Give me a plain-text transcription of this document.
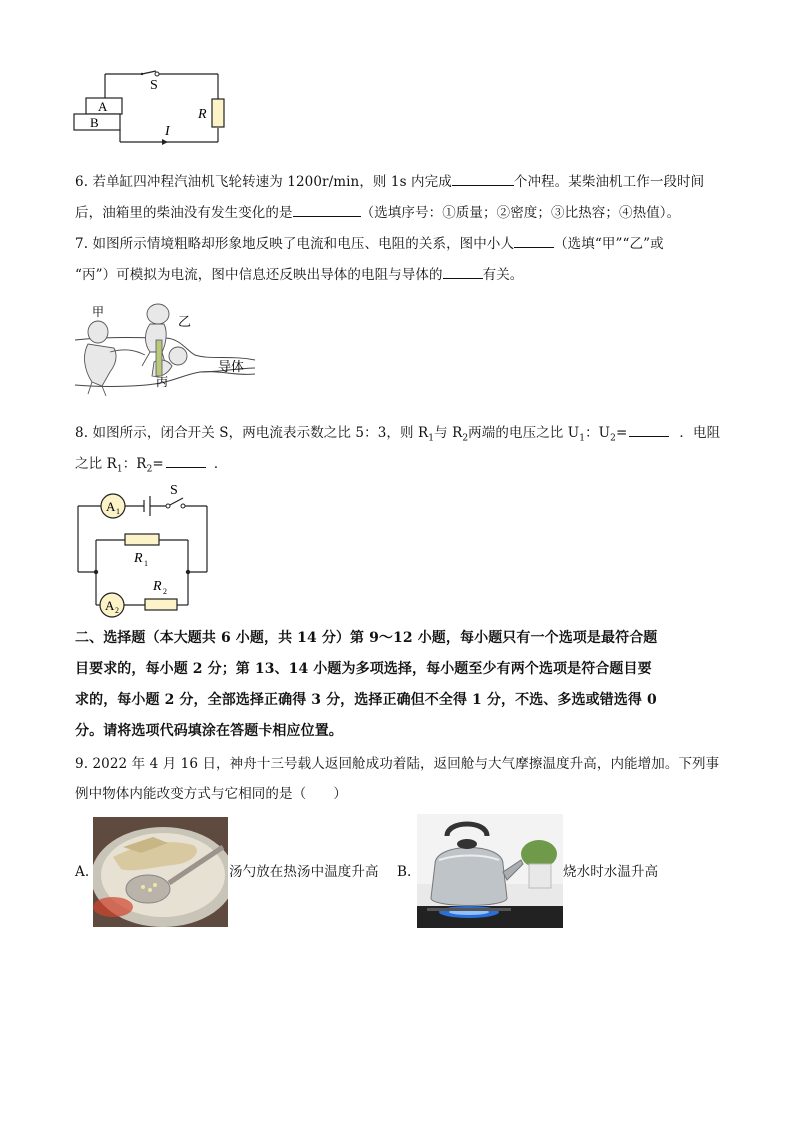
S
A
B
R
I
6. 若单缸四冲程汽油机飞轮转速为 1200r/min，则 1s 内完成	个冲程。某柴油机工作一段时间
后，油箱里的柴油没有发生变化的是	（选填序号：①质量；②密度；③比热容；④热值）。
7. 如图所示情境粗略却形象地反映了电流和电压、电阻的关系，图中小人	（选填“甲”“乙”或
“丙”）可模拟为电流，图中信息还反映出导体的电阻与导体的	有关。
甲
乙
丙
导体
8. 如图所示，闭合开关 S，两电流表示数之比 5：3，则 $R_1$与 $R_2$两端的电压之比 $U_1$：$U_2=$	．电阻
之比 $R_1$：$R_2=$	．
A 1
A 2
R 1
R 2
S
二、选择题（本大题共 6 小题，共 14 分）第 9～12 小题，每小题只有一个选项是最符合题
目要求的，每小题 2 分；第 13、14 小题为多项选择，每小题至少有两个选项是符合题目要
求的，每小题 2 分，全部选择正确得 3 分，选择正确但不全得 1 分，不选、多选或错选得 0
分。请将选项代码填涂在答题卡相应位置。
9. 2022 年 4 月 16 日，神舟十三号载人返回舱成功着陆，返回舱与大气摩擦温度升高，内能增加。下列事
例中物体内能改变方式与它相同的是（　　）
A.	汤勺放在热汤中温度升高 B.	烧水时水温升高
